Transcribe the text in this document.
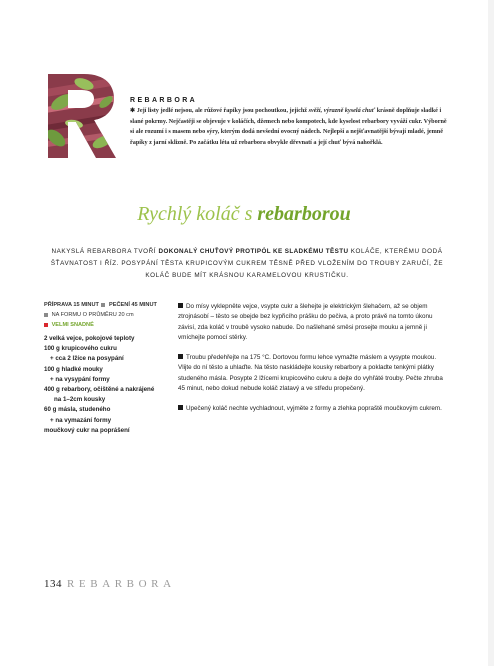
REBARBORA
✱ Její listy jedlé nejsou, ale růžové řapíky jsou pochoutkou, jejichž svěží, výrazně kyselá chuť krásně doplňuje sladké i slané pokrmy. Nejčastěji se objevuje v koláčích, džemech nebo kompotech, kde kyselost rebarbory vyváží cukr. Výborně si ale rozumí i s masem nebo sýry, kterým dodá nevšední ovocný nádech. Nejlepší a nejšťavnatější bývají mladé, jemně řapíky z jarní sklizně. Po začátku léta už rebarbora obvykle dřevnatí a její chuť bývá nahořklá.
Rychlý koláč s rebarborou
NAKYSLÁ REBARBORA TVOŘÍ DOKONALÝ CHUŤOVÝ PROTIPÓL KE SLADKÉMU TĚSTU KOLÁČE, KTERÉMU DODÁ ŠŤAVNATOST I ŘÍZ. POSYPÁNÍ TĚSTA KRUPICOVÝM CUKREM TĚSNĚ PŘED VLOŽENÍM DO TROUBY ZARUČÍ, ŽE KOLÁČ BUDE MÍT KRÁSNOU KARAMELOVOU KRUSTIČKU.
PŘÍPRAVA 15 MINUT PEČENÍ 45 MINUT
NA FORMU O PRŮMĚRU 20 cm
VELMI SNADNÉ
2 velká vejce, pokojové teploty
100 g krupicového cukru
+ cca 2 lžíce na posypání
100 g hladké mouky
+ na vysypání formy
400 g rebarbory, očištěné a nakrájené
na 1–2cm kousky
60 g másla, studeného
+ na vymazání formy
moučkový cukr na poprášení

Do mísy vyklepněte vejce, vsypte cukr a šlehejte je elektrickým šlehačem, až se objem ztrojnásobí – těsto se obejde bez kypřicího prášku do pečiva, a proto právě na tomto úkonu závisí, zda koláč v troubě vysoko nabude. Do našlehané směsi prosejte mouku a jemně ji vmíchejte pomocí stěrky.

Troubu předehřejte na 175 °C. Dortovou formu lehce vymažte máslem a vysypte moukou. Vlijte do ní těsto a uhlaďte. Na těsto naskládejte kousky rebarbory a pokladte tenkými plátky studeného másla. Posypte 2 lžícemi krupicového cukru a dejte do vyhřáté trouby. Pečte zhruba 45 minut, nebo dokud nebude koláč zlatavý a ve středu propečený.

Upečený koláč nechte vychladnout, vyjměte z formy a zlehka popraště moučkovým cukrem.

134 REBARBORA
